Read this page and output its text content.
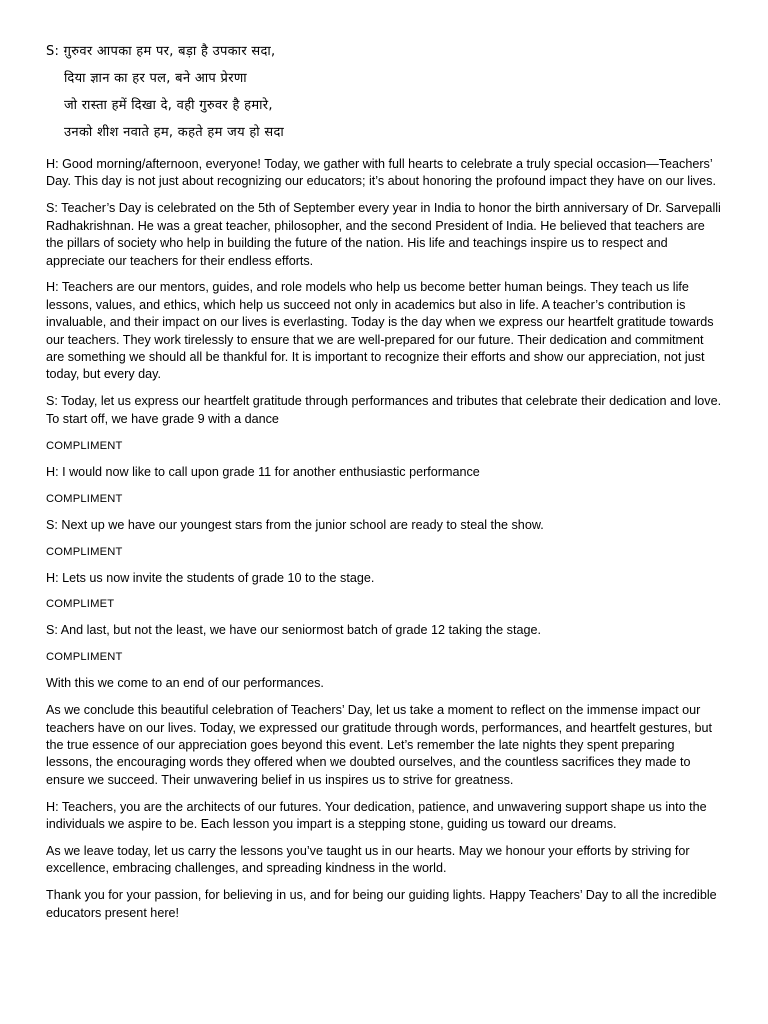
S: ग़ुरुवर आपका हम पर, बड़ा है उपकार सदा,
दिया ज्ञान का हर पल, बने आप प्रेरणा
जो रास्ता हमें दिखा दे, वही गुरुवर है हमारे,
उनको शीश नवाते हम, कहते हम जय हो सदा

H: Good morning/afternoon, everyone! Today, we gather with full hearts to celebrate a truly special occasion—Teachers’ Day. This day is not just about recognizing our educators; it’s about honoring the profound impact they have on our lives.

S: Teacher’s Day is celebrated on the 5th of September every year in India to honor the birth anniversary of Dr. Sarvepalli Radhakrishnan. He was a great teacher, philosopher, and the second President of India. He believed that teachers are the pillars of society who help in building the future of the nation. His life and teachings inspire us to respect and appreciate our teachers for their endless efforts.

H: Teachers are our mentors, guides, and role models who help us become better human beings. They teach us life lessons, values, and ethics, which help us succeed not only in academics but also in life. A teacher’s contribution is invaluable, and their impact on our lives is everlasting. Today is the day when we express our heartfelt gratitude towards our teachers. They work tirelessly to ensure that we are well-prepared for our future. Their dedication and commitment are something we should all be thankful for. It is important to recognize their efforts and show our appreciation, not just today, but every day.

S: Today, let us express our heartfelt gratitude through performances and tributes that celebrate their dedication and love. To start off, we have grade 9 with a dance

COMPLIMENT

H: I would now like to call upon grade 11 for another enthusiastic performance

COMPLIMENT

S: Next up we have our youngest stars from the junior school are ready to steal the show.

COMPLIMENT

H: Lets us now invite the students of grade 10 to the stage.

COMPLIMET

S: And last, but not the least, we have our seniormost batch of grade 12 taking the stage.

COMPLIMENT

With this we come to an end of our performances.

As we conclude this beautiful celebration of Teachers’ Day, let us take a moment to reflect on the immense impact our teachers have on our lives. Today, we expressed our gratitude through words, performances, and heartfelt gestures, but the true essence of our appreciation goes beyond this event. Let’s remember the late nights they spent preparing lessons, the encouraging words they offered when we doubted ourselves, and the countless sacrifices they made to ensure we succeed. Their unwavering belief in us inspires us to strive for greatness.

H: Teachers, you are the architects of our futures. Your dedication, patience, and unwavering support shape us into the individuals we aspire to be. Each lesson you impart is a stepping stone, guiding us toward our dreams.

As we leave today, let us carry the lessons you’ve taught us in our hearts. May we honour your efforts by striving for excellence, embracing challenges, and spreading kindness in the world.

Thank you for your passion, for believing in us, and for being our guiding lights. Happy Teachers’ Day to all the incredible educators present here!
